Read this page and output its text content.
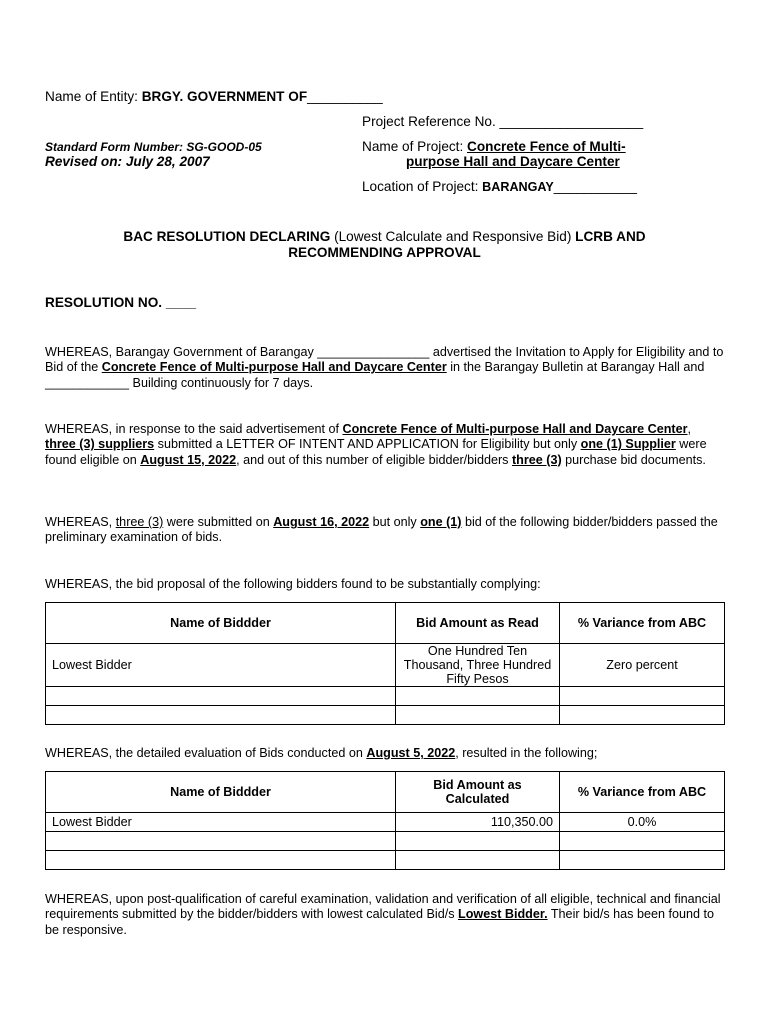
Name of Entity: BRGY. GOVERNMENT OF__________
Project Reference No. ___________________
Standard Form Number: SG-GOOD-05
Revised on: July 28, 2007
Name of Project: Concrete Fence of Multi-
purpose Hall and Daycare Center
Location of Project: BARANGAY___________
BAC RESOLUTION DECLARING (Lowest Calculate and Responsive Bid) LCRB AND
RECOMMENDING APPROVAL
RESOLUTION NO. ____
WHEREAS, Barangay Government of Barangay ________________ advertised the Invitation to Apply for Eligibility and to Bid of the Concrete Fence of Multi-purpose Hall and Daycare Center in the Barangay Bulletin at Barangay Hall and ____________ Building continuously for 7 days.
WHEREAS, in response to the said advertisement of Concrete Fence of Multi-purpose Hall and Daycare Center, three (3) suppliers submitted a LETTER OF INTENT AND APPLICATION for Eligibility but only one (1) Supplier were found eligible on August 15, 2022, and out of this number of eligible bidder/bidders three (3) purchase bid documents.
WHEREAS, three (3) were submitted on August 16, 2022 but only one (1) bid of the following bidder/bidders passed the preliminary examination of bids.
WHEREAS, the bid proposal of the following bidders found to be substantially complying:
Name of Biddder	Bid Amount as Read	% Variance from ABC
Lowest Bidder	One Hundred Ten Thousand, Three Hundred Fifty Pesos	Zero percent

WHEREAS, the detailed evaluation of Bids conducted on August 5, 2022, resulted in the following;
Name of Biddder	Bid Amount as Calculated	% Variance from ABC
Lowest Bidder	110,350.00	0.0%

WHEREAS, upon post-qualification of careful examination, validation and verification of all eligible, technical and financial requirements submitted by the bidder/bidders with lowest calculated Bid/s Lowest Bidder. Their bid/s has been found to be responsive.
